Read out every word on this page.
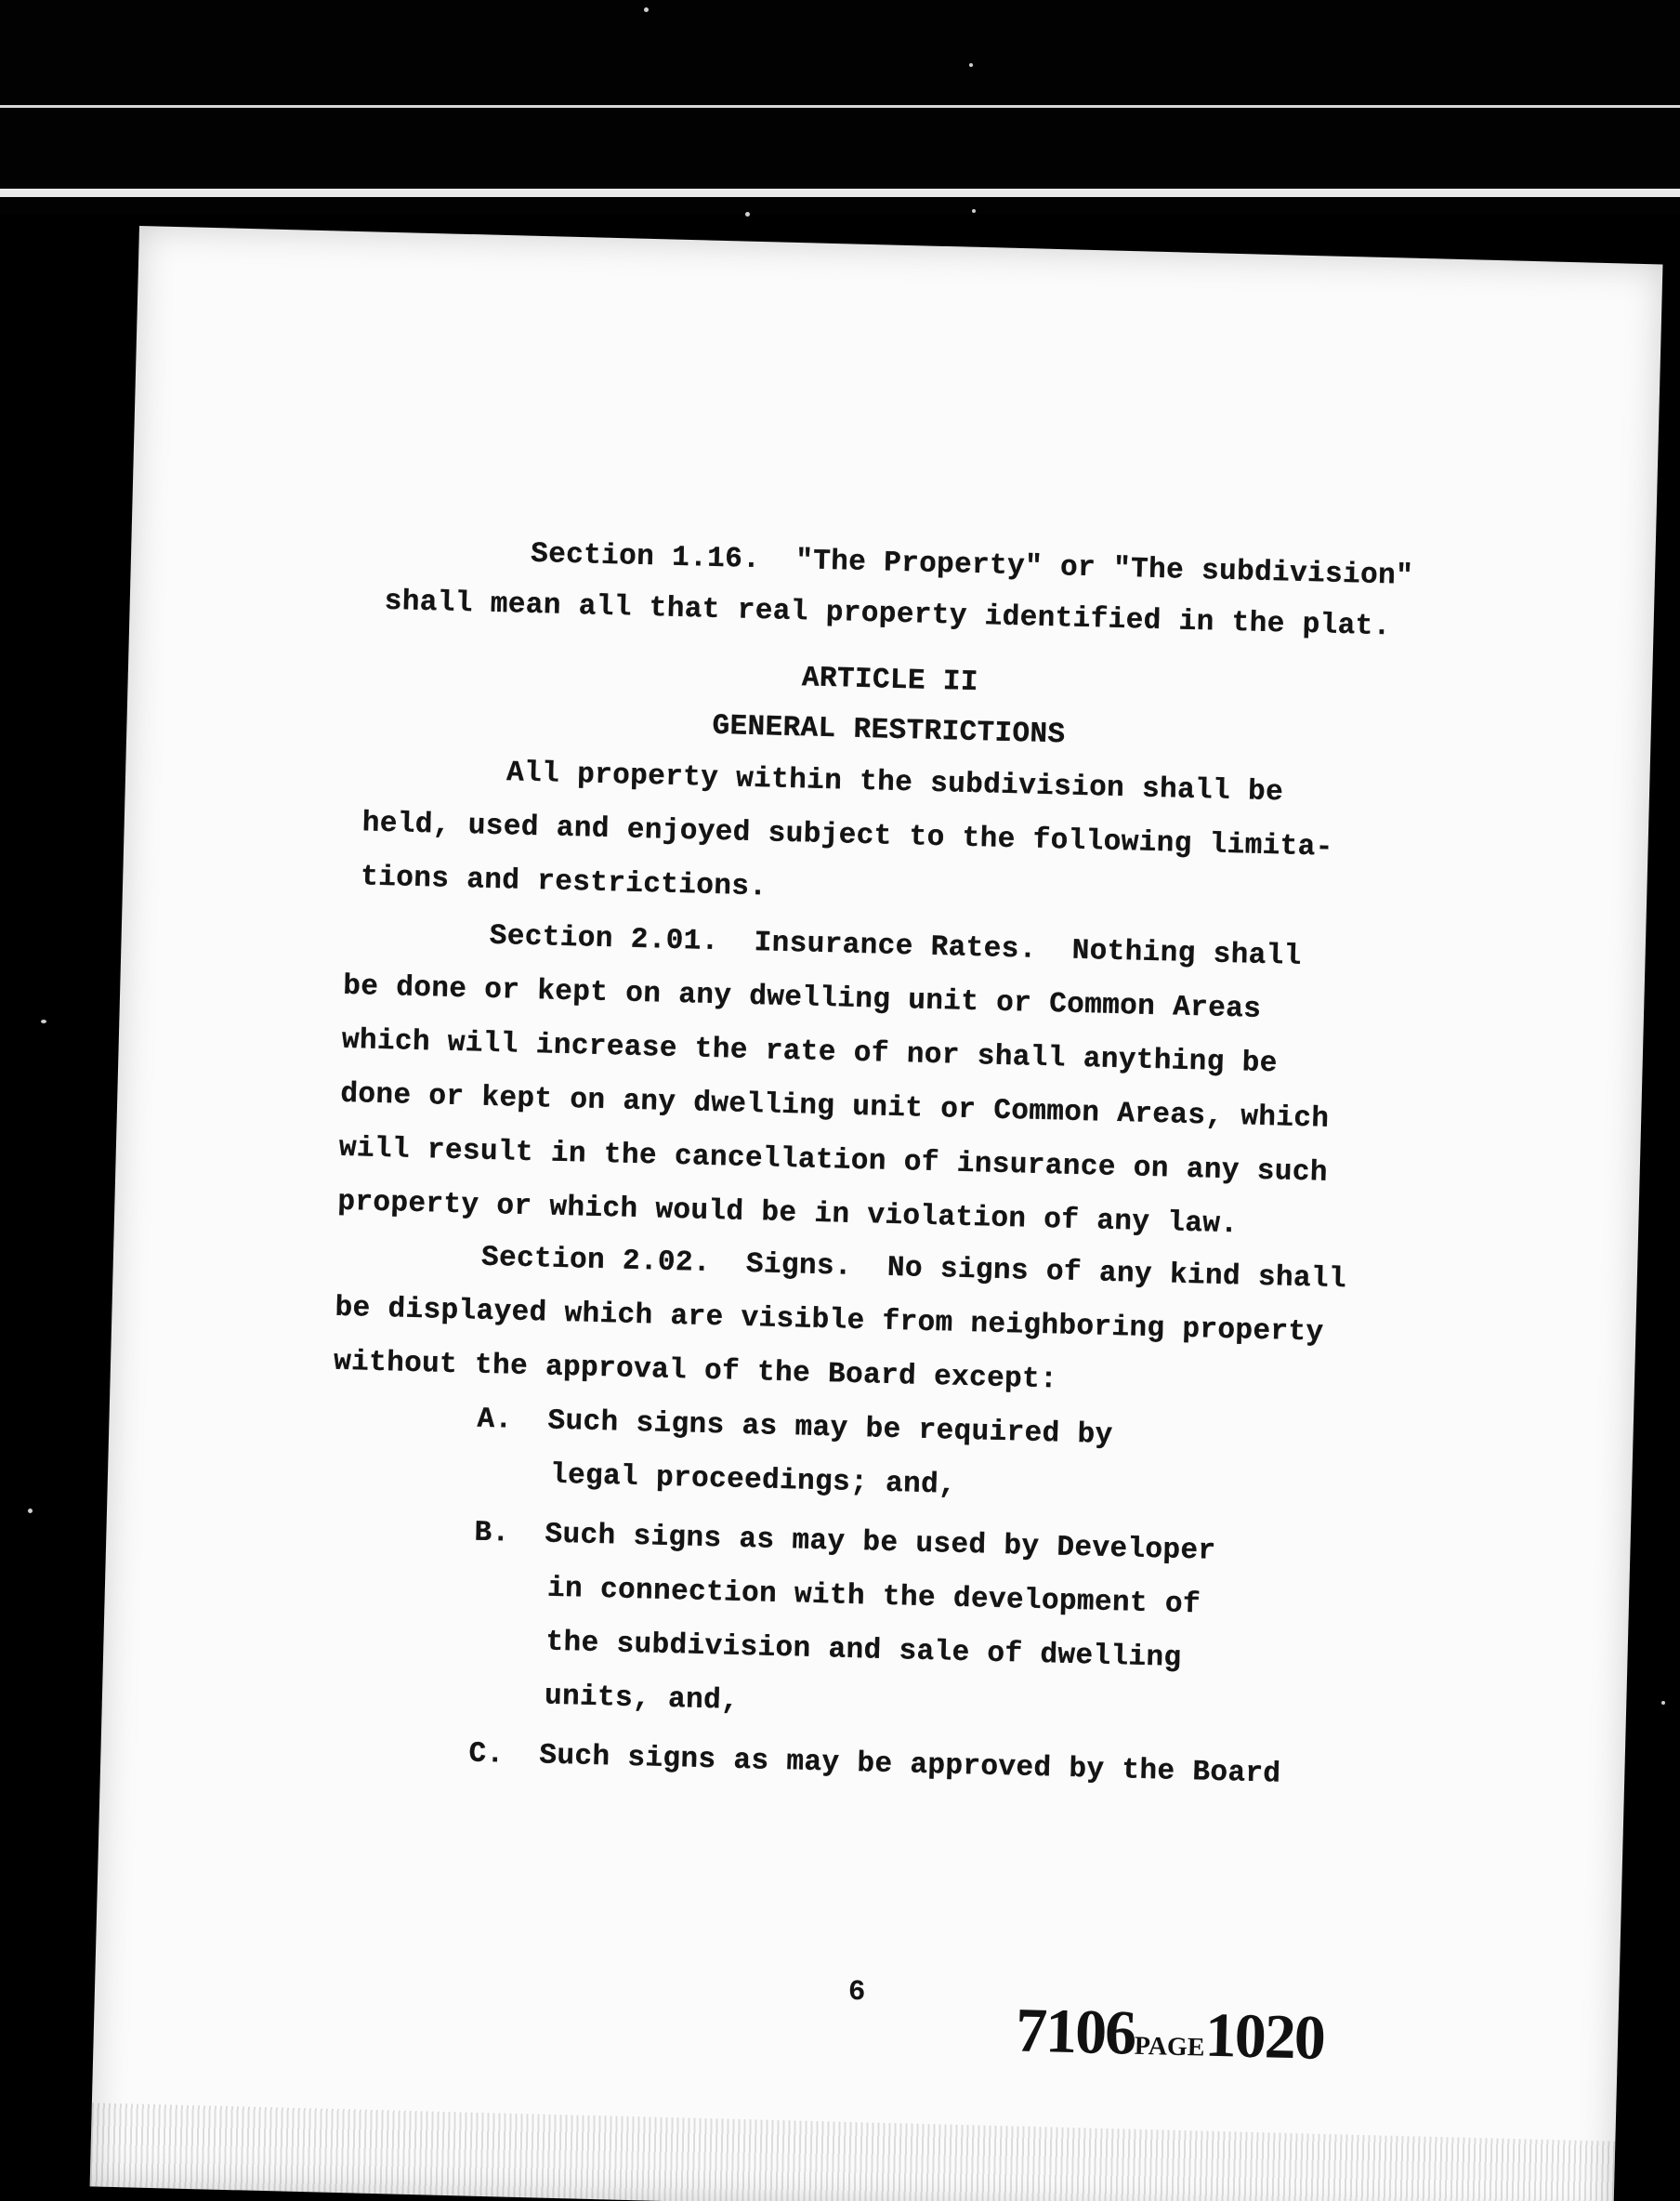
Section 1.16.  "The Property" or "The subdivision"
shall mean all that real property identified in the plat.
ARTICLE II
GENERAL RESTRICTIONS
All property within the subdivision shall be
held, used and enjoyed subject to the following limita-
tions and restrictions.
Section 2.01.  Insurance Rates.  Nothing shall
be done or kept on any dwelling unit or Common Areas
which will increase the rate of nor shall anything be
done or kept on any dwelling unit or Common Areas, which
will result in the cancellation of insurance on any such
property or which would be in violation of any law.
Section 2.02.  Signs.  No signs of any kind shall
be displayed which are visible from neighboring property
without the approval of the Board except:
A.  Such signs as may be required by
legal proceedings; and,
B.  Such signs as may be used by Developer
in connection with the development of
the subdivision and sale of dwelling
units, and,
C.  Such signs as may be approved by the Board
6
7106PAGE1020
